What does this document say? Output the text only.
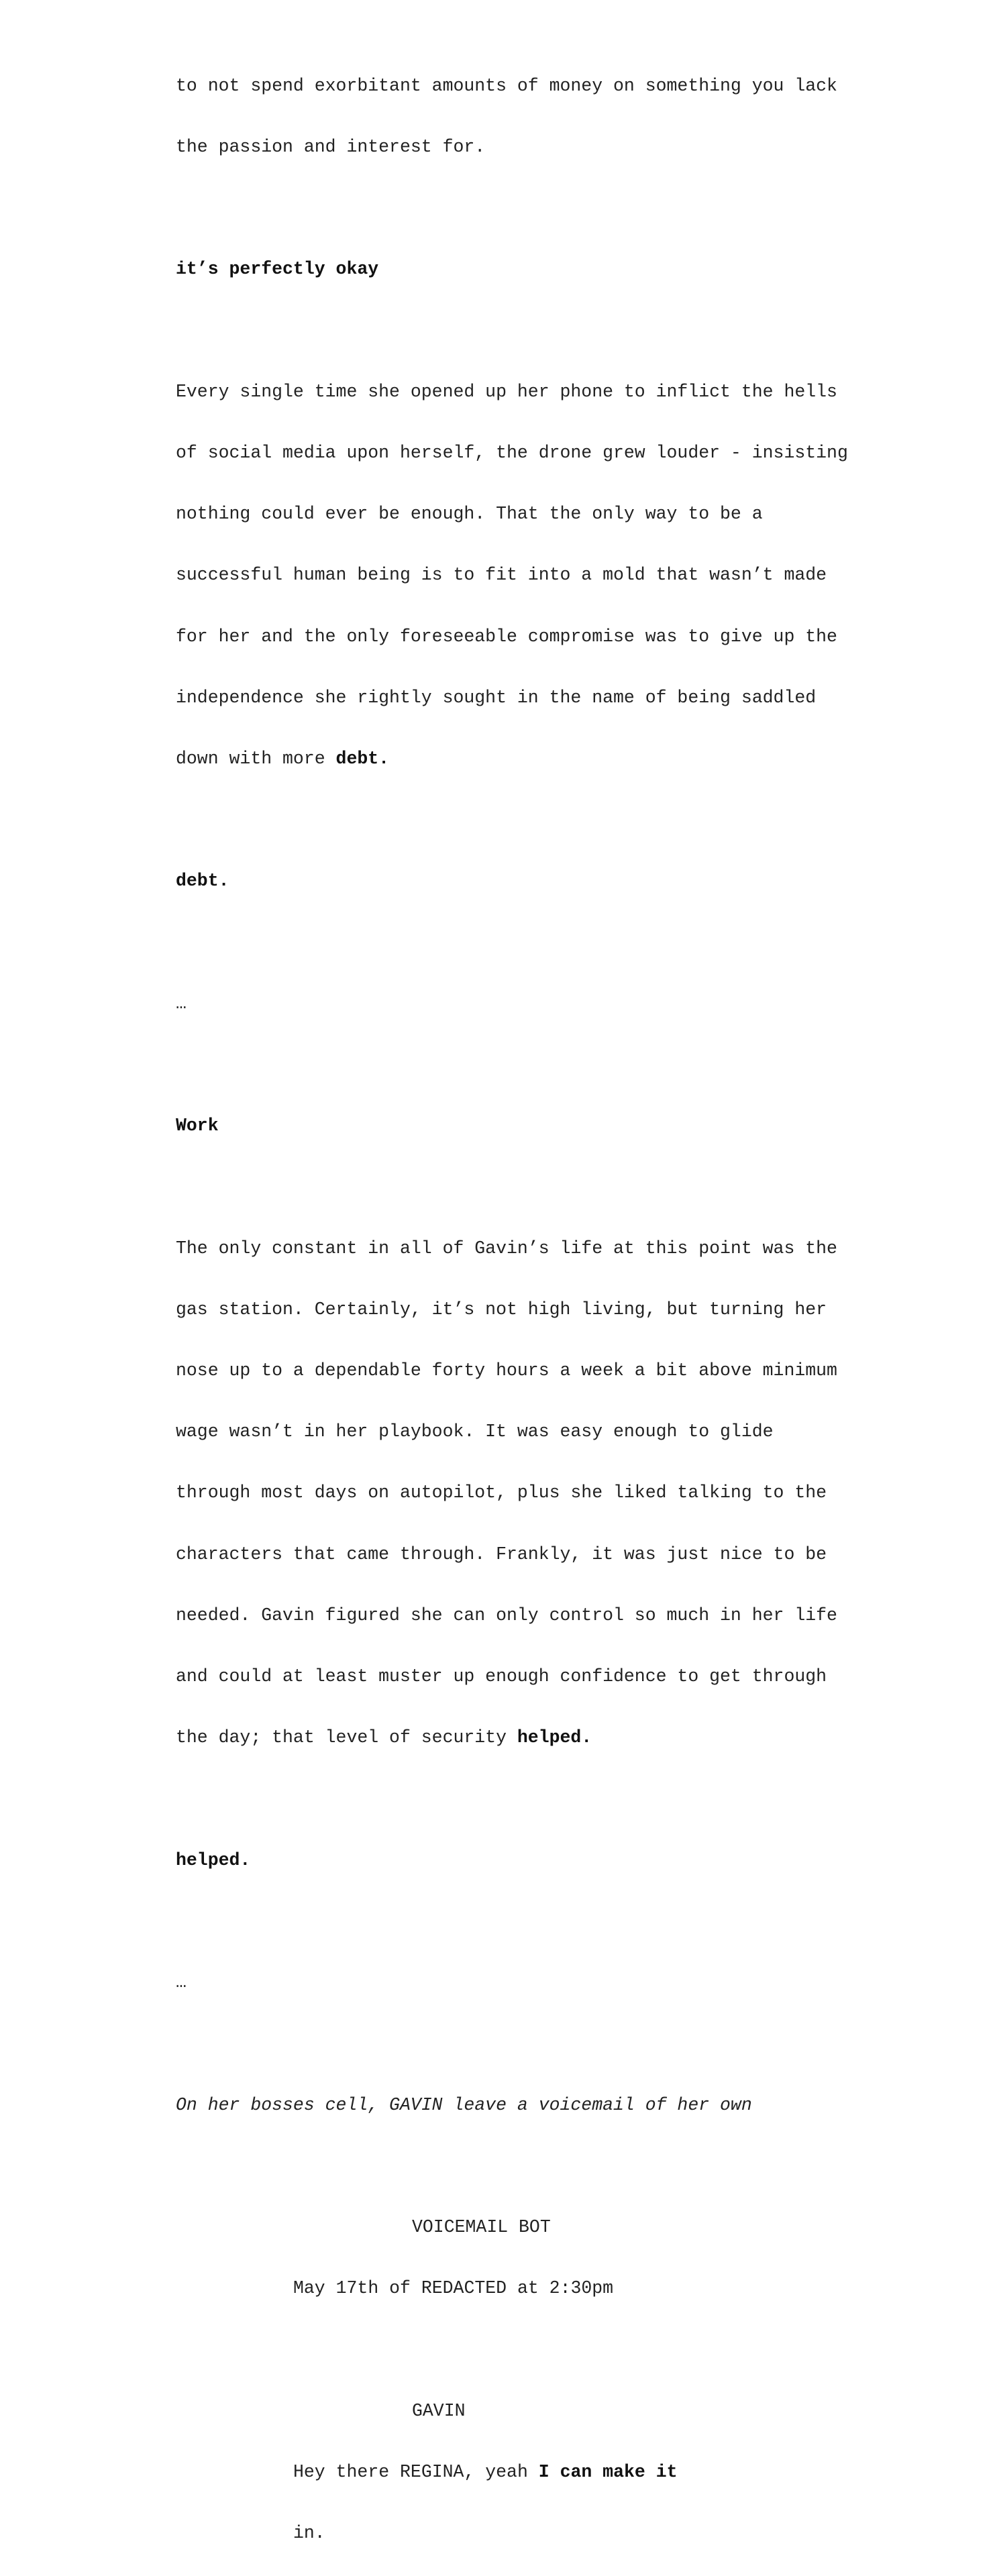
to not spend exorbitant amounts of money on something you lack

the passion and interest for.

it’s perfectly okay

Every single time she opened up her phone to inflict the hells

of social media upon herself, the drone grew louder - insisting

nothing could ever be enough. That the only way to be a

successful human being is to fit into a mold that wasn’t made

for her and the only foreseeable compromise was to give up the

independence she rightly sought in the name of being saddled

down with more debt.

debt.

…

Work

The only constant in all of Gavin’s life at this point was the

gas station. Certainly, it’s not high living, but turning her

nose up to a dependable forty hours a week a bit above minimum

wage wasn’t in her playbook. It was easy enough to glide

through most days on autopilot, plus she liked talking to the

characters that came through. Frankly, it was just nice to be

needed. Gavin figured she can only control so much in her life

and could at least muster up enough confidence to get through

the day; that level of security helped.

helped.

…

On her bosses cell, GAVIN leave a voicemail of her own

VOICEMAIL BOT

May 17th of REDACTED at 2:30pm

GAVIN

Hey there REGINA, yeah I can make it

in.
